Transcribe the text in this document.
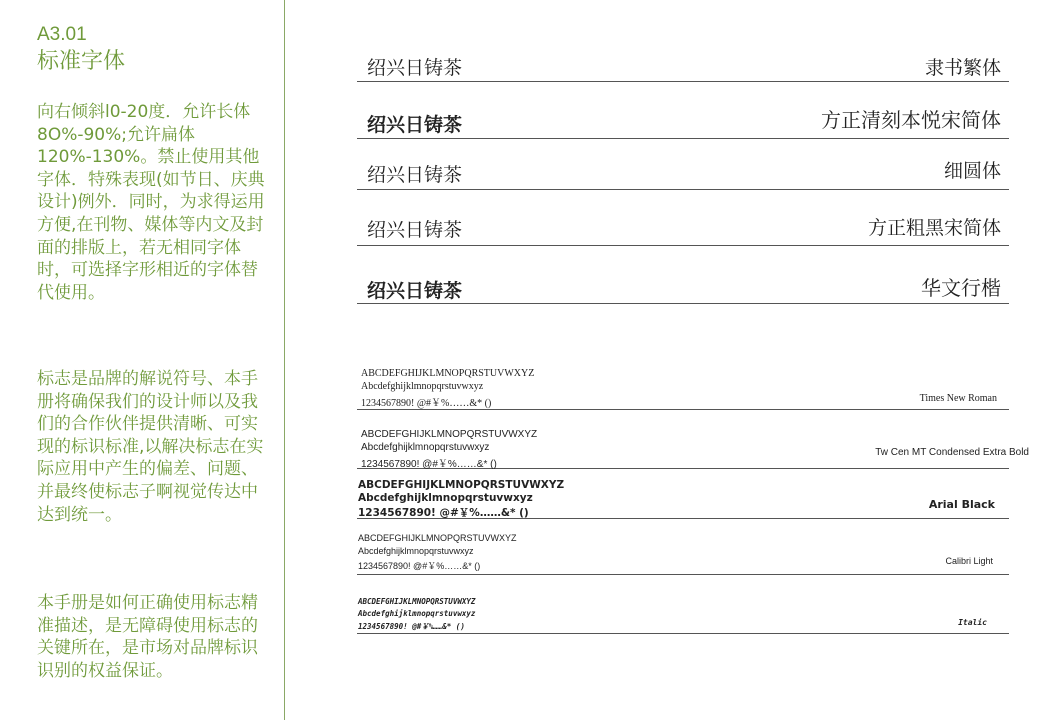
A3.01
标准字体
向右倾斜l0-20度．允许长体8O%-90%;允许扁体120%-130%。禁止使用其他字体．特殊表现(如节日、庆典设计)例外．同时，为求得运用方便,在刊物、媒体等内文及封面的排版上，若无相同字体时，可选择字形相近的字体替代使用。
标志是品牌的解说符号、本手册将确保我们的设计师以及我们的合作伙伴提供清晰、可实现的标识标准,以解决标志在实际应用中产生的偏差、问题、并最终使标志子啊视觉传达中达到统一。
本手册是如何正确使用标志精准描述，是无障碍使用标志的关键所在，是市场对品牌标识识别的权益保证。
绍兴日铸茶	隶书繁体
绍兴日铸茶	方正清刻本悦宋简体
绍兴日铸茶	细圆体
绍兴日铸茶	方正粗黑宋简体
绍兴日铸茶	华文行楷
ABCDEFGHIJKLMNOPQRSTUVWXYZ
Abcdefghijklmnopqrstuvwxyz
1234567890! @#￥%……&* ()	Times New Roman
ABCDEFGHIJKLMNOPQRSTUVWXYZ
Abcdefghijklmnopqrstuvwxyz
1234567890! @#￥%……&* ()
Tw Cen MT Condensed Extra Bold
ABCDEFGHIJKLMNOPQRSTUVWXYZ
Abcdefghijklmnopqrstuvwxyz
1234567890! @#￥%……&* ()
Arial Black
ABCDEFGHIJKLMNOPQRSTUVWXYZ
Abcdefghijklmnopqrstuvwxyz
1234567890! @#￥%……&* ()	Calibri Light
ABCDEFGHIJKLMNOPQRSTUVWXYZ
Abcdefghijklmnopqrstuvwxyz
1234567890! @#￥%……&* ()	Italic
